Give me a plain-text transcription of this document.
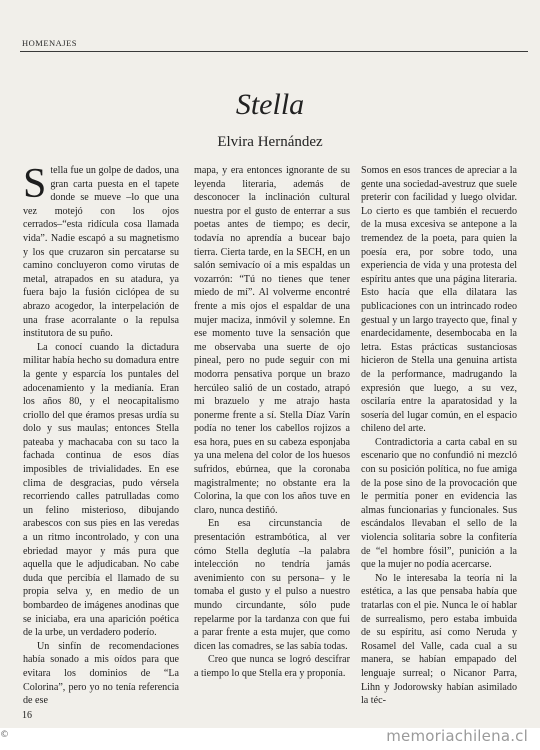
HOMENAJES
Stella
Elvira Hernández
S tella fue un golpe de dados, una gran carta puesta en el tapete donde se mueve –lo que una vez motejó con los ojos cerrados–“esta ridícula cosa llamada vida”. Nadie escapó a su magnetismo y los que cruzaron sin percatarse su camino concluyeron como virutas de metal, atrapados en su atadura, ya fuera bajo la fusión ciclópea de su abrazo acogedor, la interpelación de una frase acorralante o la repulsa institutora de su puño.

La conocí cuando la dictadura militar había hecho su domadura entre la gente y esparcía los puntales del adocenamiento y la medianía. Eran los años 80, y el neocapitalismo criollo del que éramos presas urdía su dolo y sus maulas; entonces Stella pateaba y machacaba con su taco la fachada continua de esos días imposibles de trivialidades. En ese clima de desgracias, pudo vérsela recorriendo calles patrulladas como un felino misterioso, dibujando arabescos con sus pies en las veredas a un ritmo incontrolado, y con una ebriedad mayor y más pura que aquella que le adjudicaban. No cabe duda que percibía el llamado de su propia selva y, en medio de un bombardeo de imágenes anodinas que se iniciaba, era una aparición poética de la urbe, un verdadero poderío.

Un sinfín de recomendaciones había sonado a mis oídos para que evitara los dominios de “La Colorina”, pero yo no tenía referencia de ese

mapa, y era entonces ignorante de su leyenda literaria, además de desconocer la inclinación cultural nuestra por el gusto de enterrar a sus poetas antes de tiempo; es decir, todavía no aprendía a bucear bajo tierra. Cierta tarde, en la SECH, en un salón semivacío oí a mis espaldas un vozarrón: “Tú no tienes que tener miedo de mí”. Al volverme encontré frente a mis ojos el espaldar de una mujer maciza, inmóvil y solemne. En ese momento tuve la sensación que me observaba una suerte de ojo pineal, pero no pude seguir con mi modorra pensativa porque un brazo hercúleo salió de un costado, atrapó mi brazuelo y me atrajo hasta ponerme frente a sí. Stella Díaz Varín podía no tener los cabellos rojizos a esa hora, pues en su cabeza esponjaba ya una melena del color de los huesos sufridos, ebúrnea, que la coronaba magistralmente; no obstante era la Colorina, la que con los años tuve en claro, nunca destiñó.

En esa circunstancia de presentación estrambótica, al ver cómo Stella deglutía –la palabra intelección no tendría jamás avenimiento con su persona– y le tomaba el gusto y el pulso a nuestro mundo circundante, sólo pude repelarme por la tardanza con que fui a parar frente a esta mujer, que como dicen las comadres, se las sabía todas.

Creo que nunca se logró descifrar a tiempo lo que Stella era y proponía.

Somos en esos trances de apreciar a la gente una sociedad-avestruz que suele preterir con facilidad y luego olvidar. Lo cierto es que también el recuerdo de la musa excesiva se antepone a la tremendez de la poeta, para quien la poesía era, por sobre todo, una experiencia de vida y una protesta del espíritu antes que una página literaria. Esto hacía que ella dilatara las publicaciones con un intrincado rodeo gestual y un largo trayecto que, final y enardecidamente, desembocaba en la letra. Estas prácticas sustanciosas hicieron de Stella una genuina artista de la performance, madrugando la expresión que luego, a su vez, oscilaría entre la aparatosidad y la sosería del lugar común, en el espacio chileno del arte.

Contradictoria a carta cabal en su escenario que no confundió ni mezcló con su posición política, no fue amiga de la pose sino de la provocación que le permitía poner en evidencia las almas funcionarias y funcionales. Sus escándalos llevaban el sello de la violencia solitaria sobre la confitería de “el hombre fósil”, punición a la que la mujer no podía acercarse.

No le interesaba la teoría ni la estética, a las que pensaba había que tratarlas con el pie. Nunca le oí hablar de surrealismo, pero estaba imbuida de su espíritu, así como Neruda y Rosamel del Valle, cada cual a su manera, se habían empapado del lenguaje surreal; o Nicanor Parra, Lihn y Jodorowsky habían asimilado la téc-

16
©	memoriachilena.cl
